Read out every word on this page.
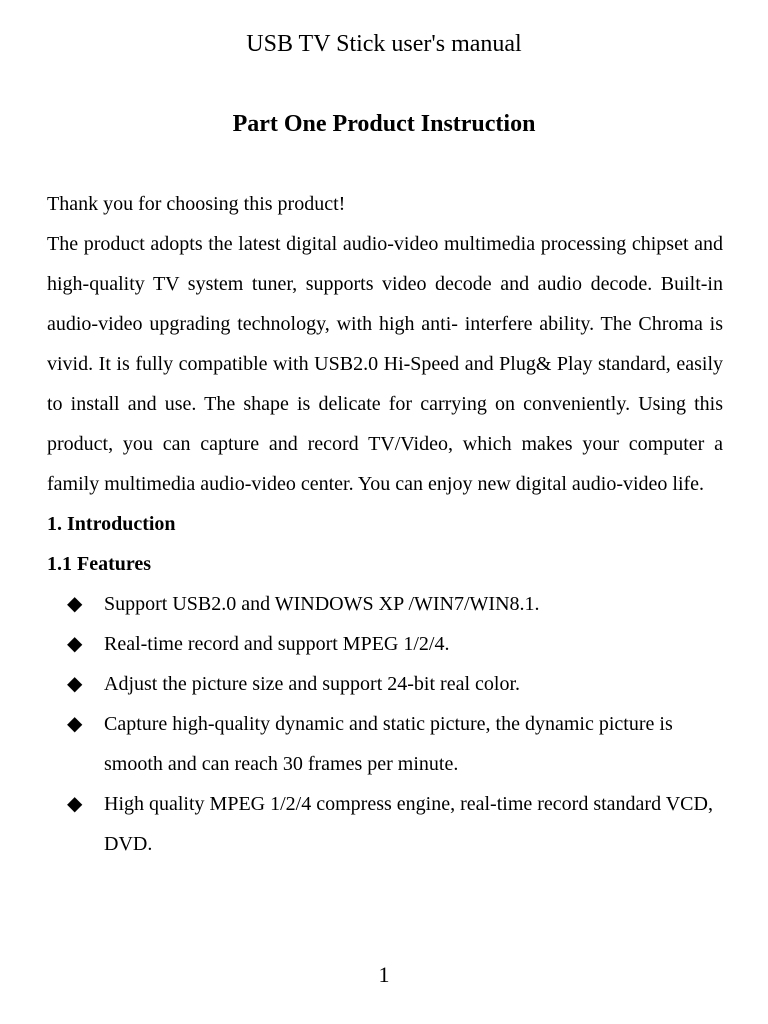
USB TV Stick user's manual
Part One Product Instruction

Thank you for choosing this product!

The product adopts the latest digital audio-video multimedia processing chipset and high-quality TV system tuner, supports video decode and audio decode. Built-in audio-video upgrading technology, with high anti- interfere ability. The Chroma is vivid. It is fully compatible with USB2.0 Hi-Speed and Plug& Play standard, easily to install and use. The shape is delicate for carrying on conveniently. Using this product, you can capture and record TV/Video, which makes your computer a family multimedia audio-video center. You can enjoy new digital audio-video life.

1. Introduction

1.1 Features

◆ Support USB2.0 and WINDOWS XP /WIN7/WIN8.1.
◆ Real-time record and support MPEG 1/2/4.
◆ Adjust the picture size and support 24-bit real color.
◆ Capture high-quality dynamic and static picture, the dynamic picture is smooth and can reach 30 frames per minute.
◆ High quality MPEG 1/2/4 compress engine, real-time record standard VCD, DVD.
1
